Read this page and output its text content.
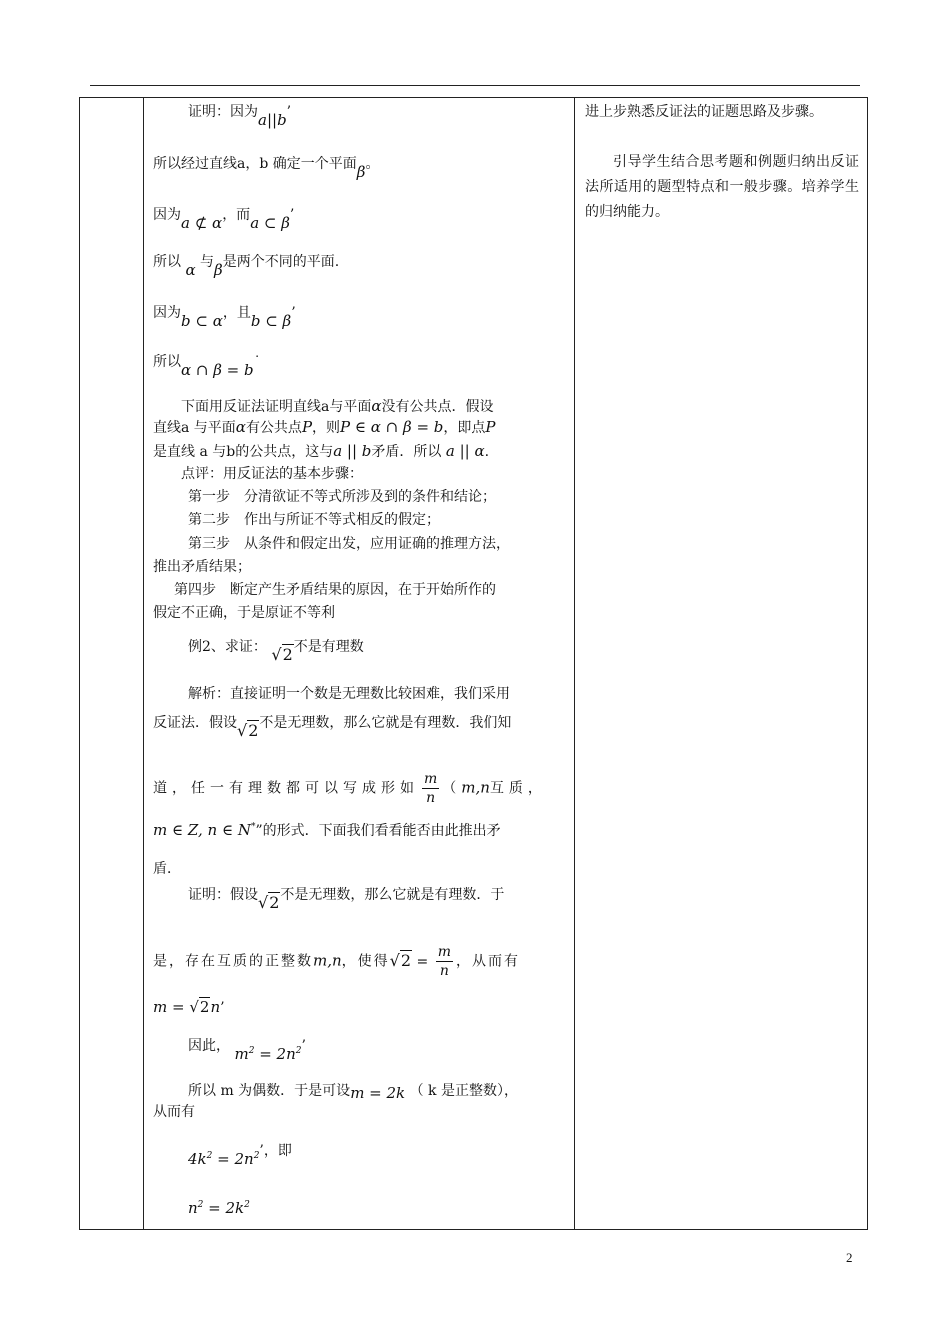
证明：因为a||b’
所以经过直线a，b 确定一个平面β。
因为a ⊄ α，而a ⊂ β’
所以 α 与β是两个不同的平面.
因为b ⊂ α，且b ⊂ β’
所以α ∩ β = b˙
下面用反证法证明直线a与平面α没有公共点．假设
直线a 与平面α有公共点P，则P ∈ α ∩ β = b，即点P
是直线 a 与b的公共点，这与a || b矛盾．所以 a || α.
点评：用反证法的基本步骤：
第一步　分清欲证不等式所涉及到的条件和结论；
第二步　作出与所证不等式相反的假定；
第三步　从条件和假定出发，应用证确的推理方法，
推出矛盾结果；
第四步　断定产生矛盾结果的原因，在于开始所作的
假定不正确，于是原证不等利
例2、求证： √2不是有理数
解析：直接证明一个数是无理数比较困难，我们采用
反证法．假设√2不是无理数，那么它就是有理数．我们知
道，任一有理数都可以写成形如 $\frac{m}{n} (m,n$互质，
m ∈ Z, n ∈ N*”的形式．下面我们看看能否由此推出矛
盾．
证明：假设√2不是无理数，那么它就是有理数．于
是，存在互质的正整数m,n，使得$√2 = \frac{m}{n}$ ，从而有
m = √2n’
因此， $m^2 = 2n^2$’
所以 m 为偶数．于是可设m = 2k （ k 是正整数），
从而有
$4k^2 = 2n^2$’，即
$n^2 = 2k^2$
进上步熟悉反证法的证题思路及步骤。
引导学生结合思考题和例题归纳出反证法所适用的题型特点和一般步骤。培养学生的归纳能力。
2
